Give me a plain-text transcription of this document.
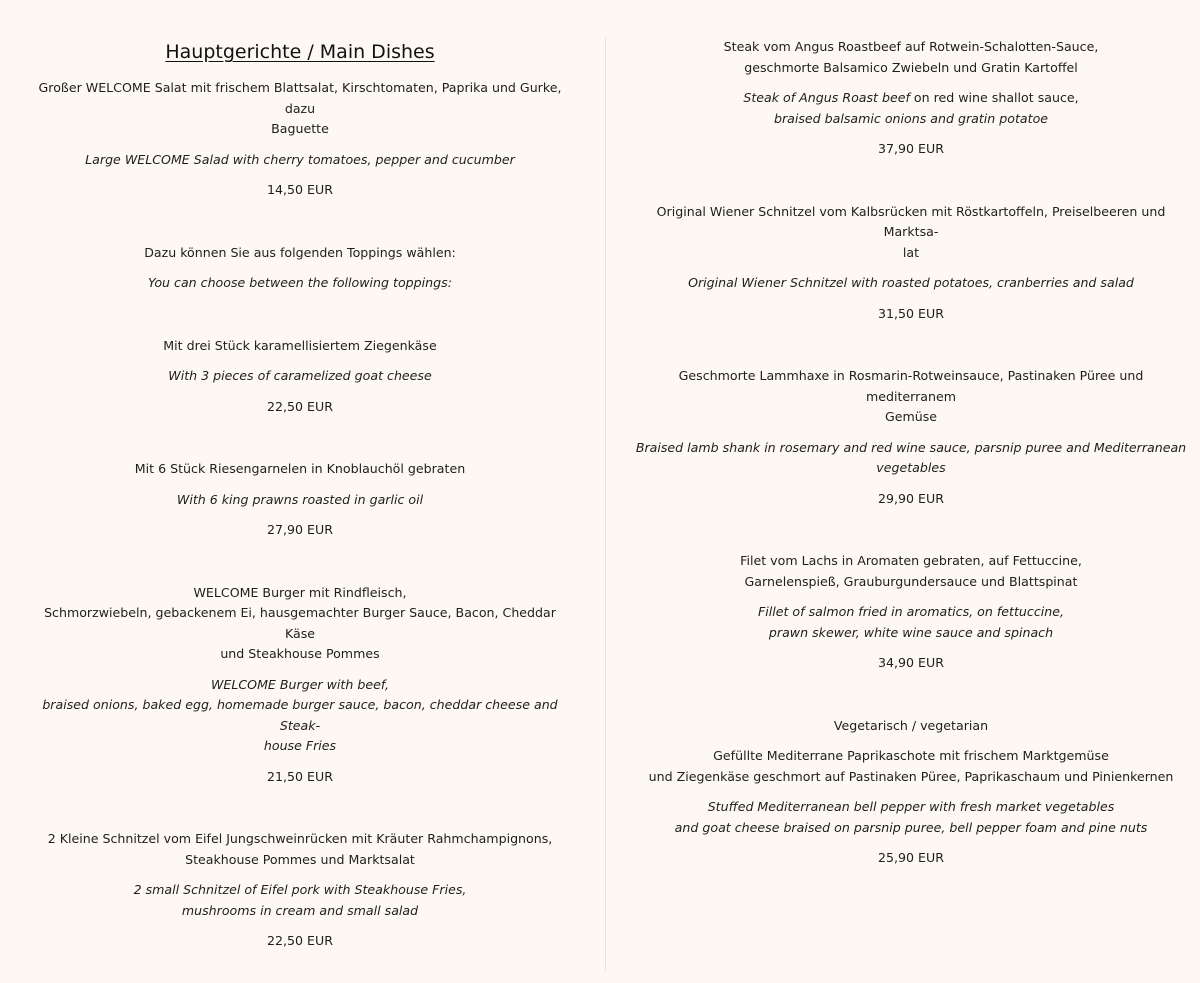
Hauptgerichte / Main Dishes

Großer WELCOME Salat mit frischem Blattsalat, Kirschtomaten, Paprika und Gurke, dazu
Baguette

Large WELCOME Salad with cherry tomatoes, pepper and cucumber

14,50 EUR

Dazu können Sie aus folgenden Toppings wählen:

You can choose between the following toppings:

Mit drei Stück karamellisiertem Ziegenkäse

With 3 pieces of caramelized goat cheese

22,50 EUR

Mit 6 Stück Riesengarnelen in Knoblauchöl gebraten

With 6 king prawns roasted in garlic oil

27,90 EUR

WELCOME Burger mit Rindfleisch,
Schmorzwiebeln, gebackenem Ei, hausgemachter Burger Sauce, Bacon, Cheddar Käse
und Steakhouse Pommes

WELCOME Burger with beef,
braised onions, baked egg, homemade burger sauce, bacon, cheddar cheese and Steak-
house Fries

21,50 EUR

2 Kleine Schnitzel vom Eifel Jungschweinrücken mit Kräuter Rahmchampignons,
Steakhouse Pommes und Marktsalat

2 small Schnitzel of Eifel pork with Steakhouse Fries,
mushrooms in cream and small salad

22,50 EUR

Steak vom Angus Roastbeef auf Rotwein-Schalotten-Sauce,
geschmorte Balsamico Zwiebeln und Gratin Kartoffel

Steak of Angus Roast beef on red wine shallot sauce,
braised balsamic onions and gratin potatoe

37,90 EUR

Original Wiener Schnitzel vom Kalbsrücken mit Röstkartoffeln, Preiselbeeren und Marktsa-
lat

Original Wiener Schnitzel with roasted potatoes, cranberries and salad

31,50 EUR

Geschmorte Lammhaxe in Rosmarin-Rotweinsauce, Pastinaken Püree und mediterranem
Gemüse

Braised lamb shank in rosemary and red wine sauce, parsnip puree and Mediterranean
vegetables

29,90 EUR

Filet vom Lachs in Aromaten gebraten, auf Fettuccine,
Garnelenspieß, Grauburgundersauce und Blattspinat

Fillet of salmon fried in aromatics, on fettuccine,
prawn skewer, white wine sauce and spinach

34,90 EUR

Vegetarisch / vegetarian

Gefüllte Mediterrane Paprikaschote mit frischem Marktgemüse
und Ziegenkäse geschmort auf Pastinaken Püree, Paprikaschaum und Pinienkernen

Stuffed Mediterranean bell pepper with fresh market vegetables
and goat cheese braised on parsnip puree, bell pepper foam and pine nuts

25,90 EUR
